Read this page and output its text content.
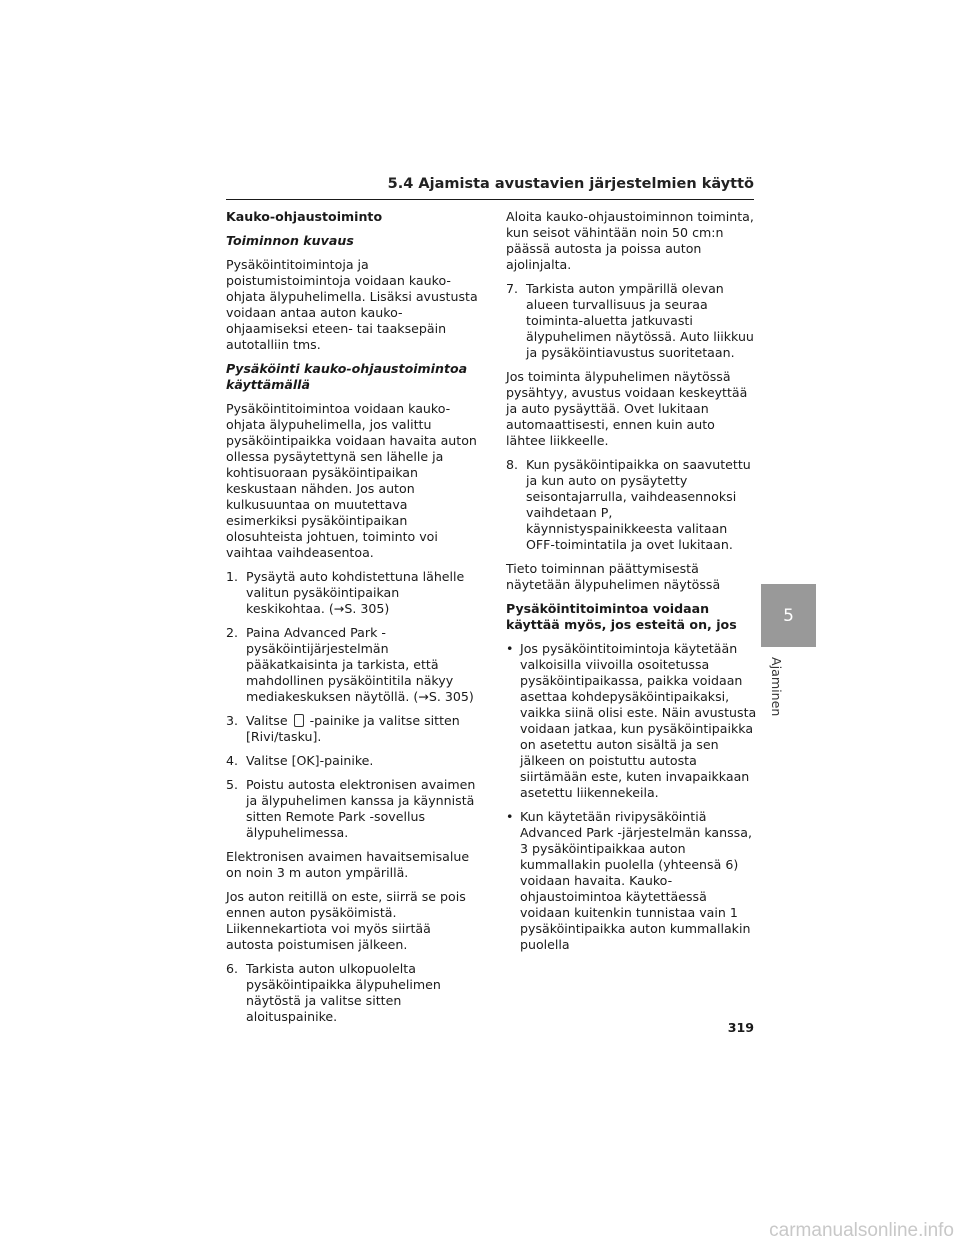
5.4 Ajamista avustavien järjestelmien käyttö
Kauko-ohjaustoiminto
Toiminnon kuvaus

Pysäköintitoimintoja ja poistumistoimintoja voidaan kauko-ohjata älypuhelimella. Lisäksi avustusta voidaan antaa auton kauko-ohjaamiseksi eteen- tai taaksepäin autotalliin tms.

Pysäköinti kauko-ohjaustoimintoa käyttämällä

Pysäköintitoimintoa voidaan kauko-ohjata älypuhelimella, jos valittu pysäköintipaikka voidaan havaita auton ollessa pysäytettynä sen lähelle ja kohtisuoraan pysäköintipaikan keskustaan nähden. Jos auton kulkusuuntaa on muutettava esimerkiksi pysäköintipaikan olosuhteista johtuen, toiminto voi vaihtaa vaihdeasentoa.

1. Pysäytä auto kohdistettuna lähelle valitun pysäköintipaikan keskikohtaa. (→S. 305)
2. Paina Advanced Park -pysäköintijärjestelmän pääkatkaisinta ja tarkista, että mahdollinen pysäköintitila näkyy mediakeskuksen näytöllä. (→S. 305)
3. Valitse -painike ja valitse sitten [Rivi/tasku].
4. Valitse [OK]-painike.
5. Poistu autosta elektronisen avaimen ja älypuhelimen kanssa ja käynnistä sitten Remote Park -sovellus älypuhelimessa.

Elektronisen avaimen havaitsemisalue on noin 3 m auton ympärillä.

Jos auton reitillä on este, siirrä se pois ennen auton pysäköimistä. Liikennekartiota voi myös siirtää autosta poistumisen jälkeen.

6. Tarkista auton ulkopuolelta pysäköintipaikka älypuhelimen näytöstä ja valitse sitten aloituspainike.

Aloita kauko-ohjaustoiminnon toiminta, kun seisot vähintään noin 50 cm:n päässä autosta ja poissa auton ajolinjalta.

7. Tarkista auton ympärillä olevan alueen turvallisuus ja seuraa toiminta-aluetta jatkuvasti älypuhelimen näytössä. Auto liikkuu ja pysäköintiavustus suoritetaan.

Jos toiminta älypuhelimen näytössä pysähtyy, avustus voidaan keskeyttää ja auto pysäyttää. Ovet lukitaan automaattisesti, ennen kuin auto lähtee liikkeelle.

8. Kun pysäköintipaikka on saavutettu ja kun auto on pysäytetty seisontajarrulla, vaihdeasennoksi vaihdetaan P, käynnistyspainikkeesta valitaan OFF-toimintatila ja ovet lukitaan.

Tieto toiminnan päättymisestä näytetään älypuhelimen näytössä

Pysäköintitoimintoa voidaan käyttää myös, jos esteitä on, jos
• Jos pysäköintitoimintoja käytetään valkoisilla viivoilla osoitetussa pysäköintipaikassa, paikka voidaan asettaa kohdepysäköintipaikaksi, vaikka siinä olisi este. Näin avustusta voidaan jatkaa, kun pysäköintipaikka on asetettu auton sisältä ja sen jälkeen on poistuttu autosta siirtämään este, kuten invapaikkaan asetettu liikennekeila.
• Kun käytetään rivipysäköintiä Advanced Park -järjestelmän kanssa, 3 pysäköintipaikkaa auton kummallakin puolella (yhteensä 6) voidaan havaita. Kauko-ohjaustoimintoa käytettäessä voidaan kuitenkin tunnistaa vain 1 pysäköintipaikka auton kummallakin puolella
5
Ajaminen
319
carmanualsonline.info
